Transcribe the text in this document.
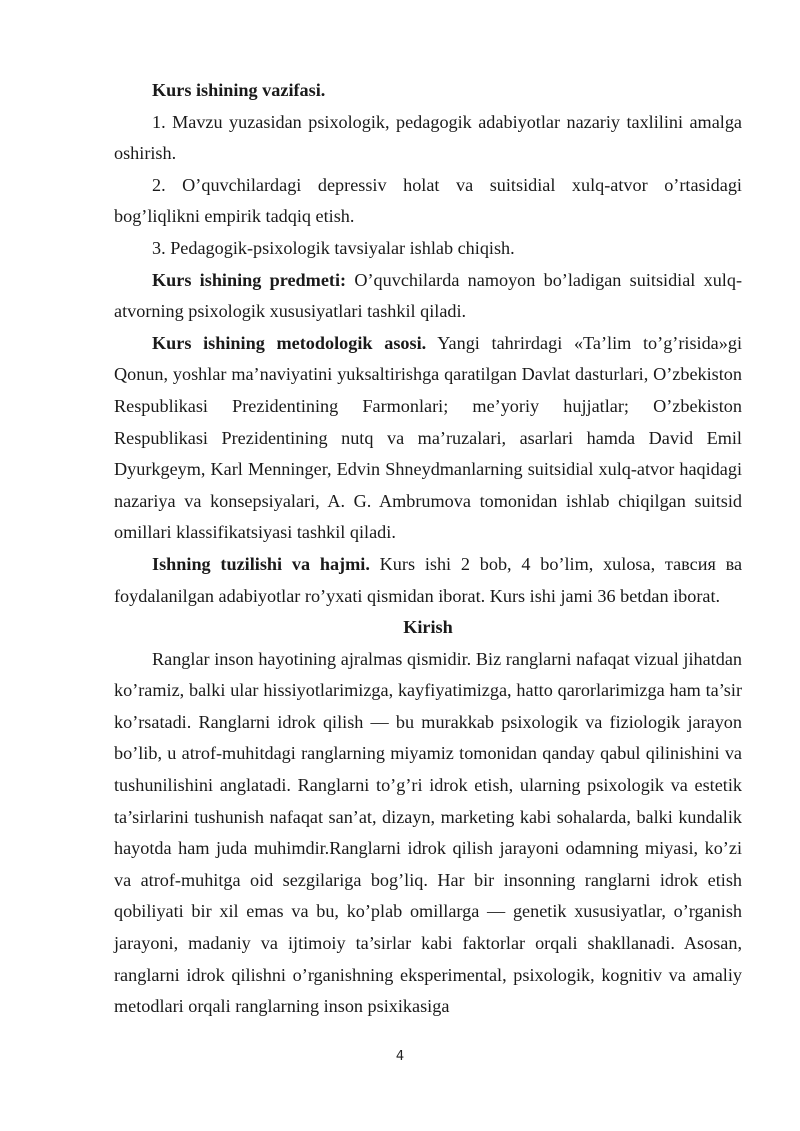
Kurs ishining vazifasi.

1. Mavzu yuzasidan psixologik, pedagogik adabiyotlar nazariy taxlilini amalga oshirish.

2. O’quvchilardagi depressiv holat va suitsidial xulq-atvor o’rtasidagi bog’liqlikni empirik tadqiq etish.

3. Pedagogik-psixologik tavsiyalar ishlab chiqish.

Kurs ishining predmeti: O’quvchilarda namoyon bo’ladigan suitsidial xulq-atvorning psixologik xususiyatlari tashkil qiladi.

Kurs ishining metodologik asosi. Yangi tahrirdagi «Ta’lim to’g’risida»gi Qonun, yoshlar ma’naviyatini yuksaltirishga qaratilgan Davlat dasturlari, O’zbekiston Respublikasi Prezidentining Farmonlari; me’yoriy hujjatlar; O’zbekiston Respublikasi Prezidentining nutq va ma’ruzalari, asarlari hamda David Emil Dyurkgeym, Karl Menninger, Edvin Shneydmanlarning suitsidial xulq-atvor haqidagi nazariya va konsepsiyalari, A. G. Ambrumova tomonidan ishlab chiqilgan suitsid omillari klassifikatsiyasi tashkil qiladi.

Ishning tuzilishi va hajmi. Kurs ishi 2 bob, 4 bo’lim, xulosa, тавсия ва foydalanilgan adabiyotlar ro’yxati qismidan iborat. Kurs ishi jami 36 betdan iborat.

Kirish

Ranglar inson hayotining ajralmas qismidir. Biz ranglarni nafaqat vizual jihatdan ko’ramiz, balki ular hissiyotlarimizga, kayfiyatimizga, hatto qarorlarimizga ham ta’sir ko’rsatadi. Ranglarni idrok qilish — bu murakkab psixologik va fiziologik jarayon bo’lib, u atrof-muhitdagi ranglarning miyamiz tomonidan qanday qabul qilinishini va tushunilishini anglatadi. Ranglarni to’g’ri idrok etish, ularning psixologik va estetik ta’sirlarini tushunish nafaqat san’at, dizayn, marketing kabi sohalarda, balki kundalik hayotda ham juda muhimdir.Ranglarni idrok qilish jarayoni odamning miyasi, ko’zi va atrof-muhitga oid sezgilariga bog’liq. Har bir insonning ranglarni idrok etish qobiliyati bir xil emas va bu, ko’plab omillarga — genetik xususiyatlar, o’rganish jarayoni, madaniy va ijtimoiy ta’sirlar kabi faktorlar orqali shakllanadi. Asosan, ranglarni idrok qilishni o’rganishning eksperimental, psixologik, kognitiv va amaliy metodlari orqali ranglarning inson psixikasiga

4
